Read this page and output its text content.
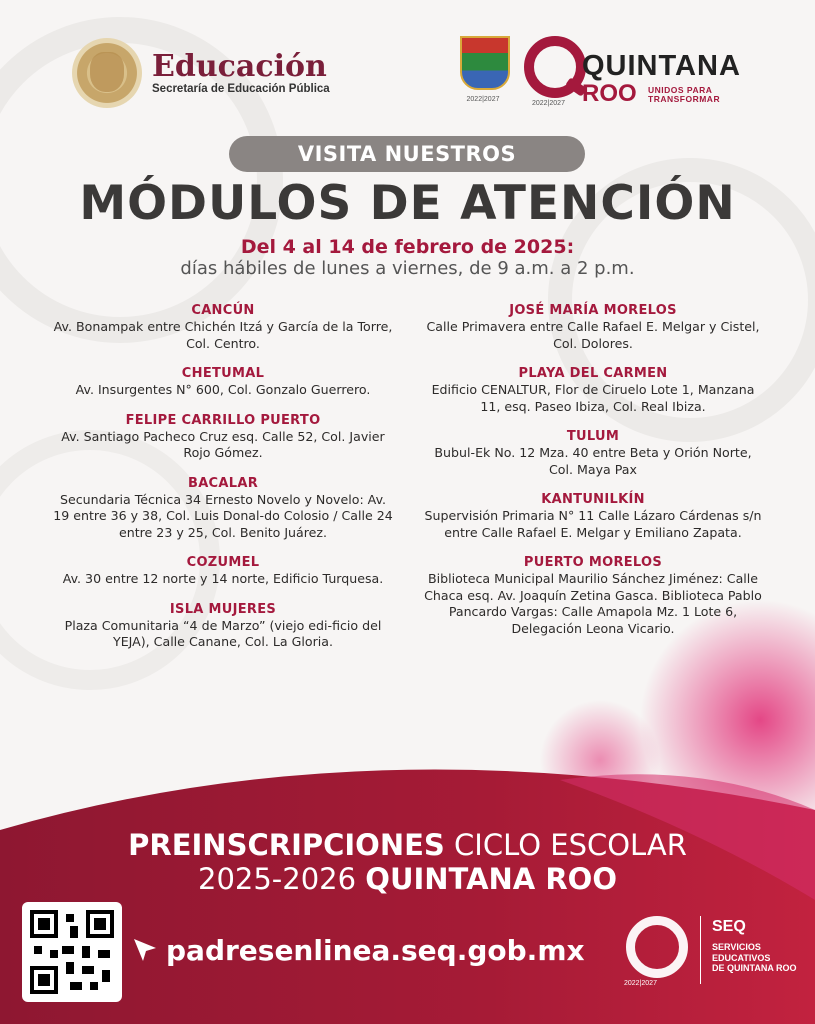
Educación
Secretaría de Educación Pública
2022|2027
QUINTANA
ROO UNIDOS PARA
TRANSFORMAR
2022|2027
VISITA NUESTROS
MÓDULOS DE ATENCIÓN
Del 4 al 14 de febrero de 2025:
días hábiles de lunes a viernes, de 9 a.m. a 2 p.m.
CANCÚN

Av. Bonampak entre Chichén Itzá y García de la Torre, Col. Centro.

CHETUMAL

Av. Insurgentes N° 600, Col. Gonzalo Guerrero.

FELIPE CARRILLO PUERTO

Av. Santiago Pacheco Cruz esq. Calle 52, Col. Javier Rojo Gómez.

BACALAR

Secundaria Técnica 34 Ernesto Novelo y Novelo: Av. 19 entre 36 y 38, Col. Luis Donal-do Colosio / Calle 24 entre 23 y 25, Col. Benito Juárez.

COZUMEL

Av. 30 entre 12 norte y 14 norte, Edificio Turquesa.

ISLA MUJERES

Plaza Comunitaria “4 de Marzo” (viejo edi-ficio del YEJA), Calle Canane, Col. La Gloria.

JOSÉ MARÍA MORELOS

Calle Primavera entre Calle Rafael E. Melgar y Cistel, Col. Dolores.

PLAYA DEL CARMEN

Edificio CENALTUR, Flor de Ciruelo Lote 1, Manzana 11, esq. Paseo Ibiza, Col. Real Ibiza.

TULUM

Bubul-Ek No. 12 Mza. 40 entre Beta y Orión Norte, Col. Maya Pax

KANTUNILKÍN

Supervisión Primaria N° 11 Calle Lázaro Cárdenas s/n entre Calle Rafael E. Melgar y Emiliano Zapata.

PUERTO MORELOS

Biblioteca Municipal Maurilio Sánchez Jiménez: Calle Chaca esq. Av. Joaquín Zetina Gasca. Biblioteca Pablo Pancardo Vargas: Calle Amapola Mz. 1 Lote 6, Delegación Leona Vicario.

PREINSCRIPCIONES CICLO ESCOLAR
2025-2026 QUINTANA ROO
padresenlinea.seq.gob.mx
2022|2027
SEQ
SERVICIOS
EDUCATIVOS
DE QUINTANA ROO
